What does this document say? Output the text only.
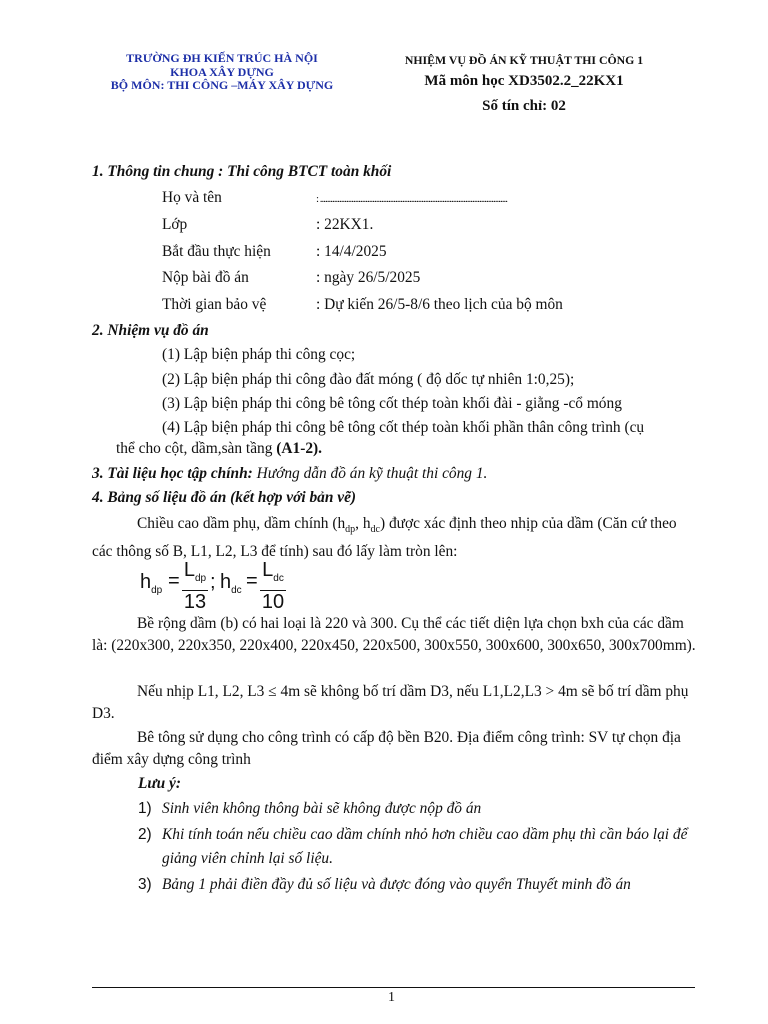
TRƯỜNG ĐH KIẾN TRÚC HÀ NỘI
KHOA XÂY DỰNG
BỘ MÔN: THI CÔNG –MÁY XÂY DỰNG
NHIỆM VỤ ĐỒ ÁN KỸ THUẬT THI CÔNG 1
Mã môn học XD3502.2_22KX1
Số tín chỉ: 02
1. Thông tin chung : Thi công BTCT toàn khối
Họ và tên	: ...........................................................................................................
Lớp	: 22KX1.
Bắt đầu thực hiện	: 14/4/2025
Nộp bài đồ án	: ngày 26/5/2025
Thời gian bảo vệ	: Dự kiến 26/5-8/6 theo lịch của bộ môn
2. Nhiệm vụ đồ án
(1) Lập biện pháp thi công cọc;
(2) Lập biện pháp thi công đào đất móng ( độ dốc tự nhiên 1:0,25);
(3) Lập biện pháp thi công bê tông cốt thép toàn khối đài - giằng -cổ móng
(4) Lập biện pháp thi công bê tông cốt thép toàn khối phần thân công trình (cụ
thể cho cột, dầm,sàn tầng (A1-2).
3. Tài liệu học tập chính: Hướng dẫn đồ án kỹ thuật thi công 1.
4. Bảng số liệu đồ án (kết hợp với bản vẽ)
Chiều cao dầm phụ, dầm chính ($h_{dp}$, $h_{dc}$) được xác định theo nhịp của dầm (Căn cứ theo các thông số B, L1, L2, L3 để tính) sau đó lấy làm tròn lên:
$h_{dp} = L_{dp}$
13
; $h_{dc} = L_{dc}$
10
Bề rộng dầm (b) có hai loại là 220 và 300. Cụ thể các tiết diện lựa chọn bxh của các dầm là: (220x300, 220x350, 220x400, 220x450, 220x500, 300x550, 300x600, 300x650, 300x700mm).
Nếu nhịp L1, L2, L3 ≤ 4m sẽ không bố trí dầm D3, nếu L1,L2,L3 > 4m sẽ bố trí dầm phụ D3.
Bê tông sử dụng cho công trình có cấp độ bền B20. Địa điểm công trình: SV tự chọn địa điểm xây dựng công trình
Lưu ý:
1) Sinh viên không thông bài sẽ không được nộp đồ án
2) Khi tính toán nếu chiều cao dầm chính nhỏ hơn chiều cao dầm phụ thì cần báo lại để giảng viên chỉnh lại số liệu.
3) Bảng 1 phải điền đầy đủ số liệu và được đóng vào quyển Thuyết minh đồ án
1
